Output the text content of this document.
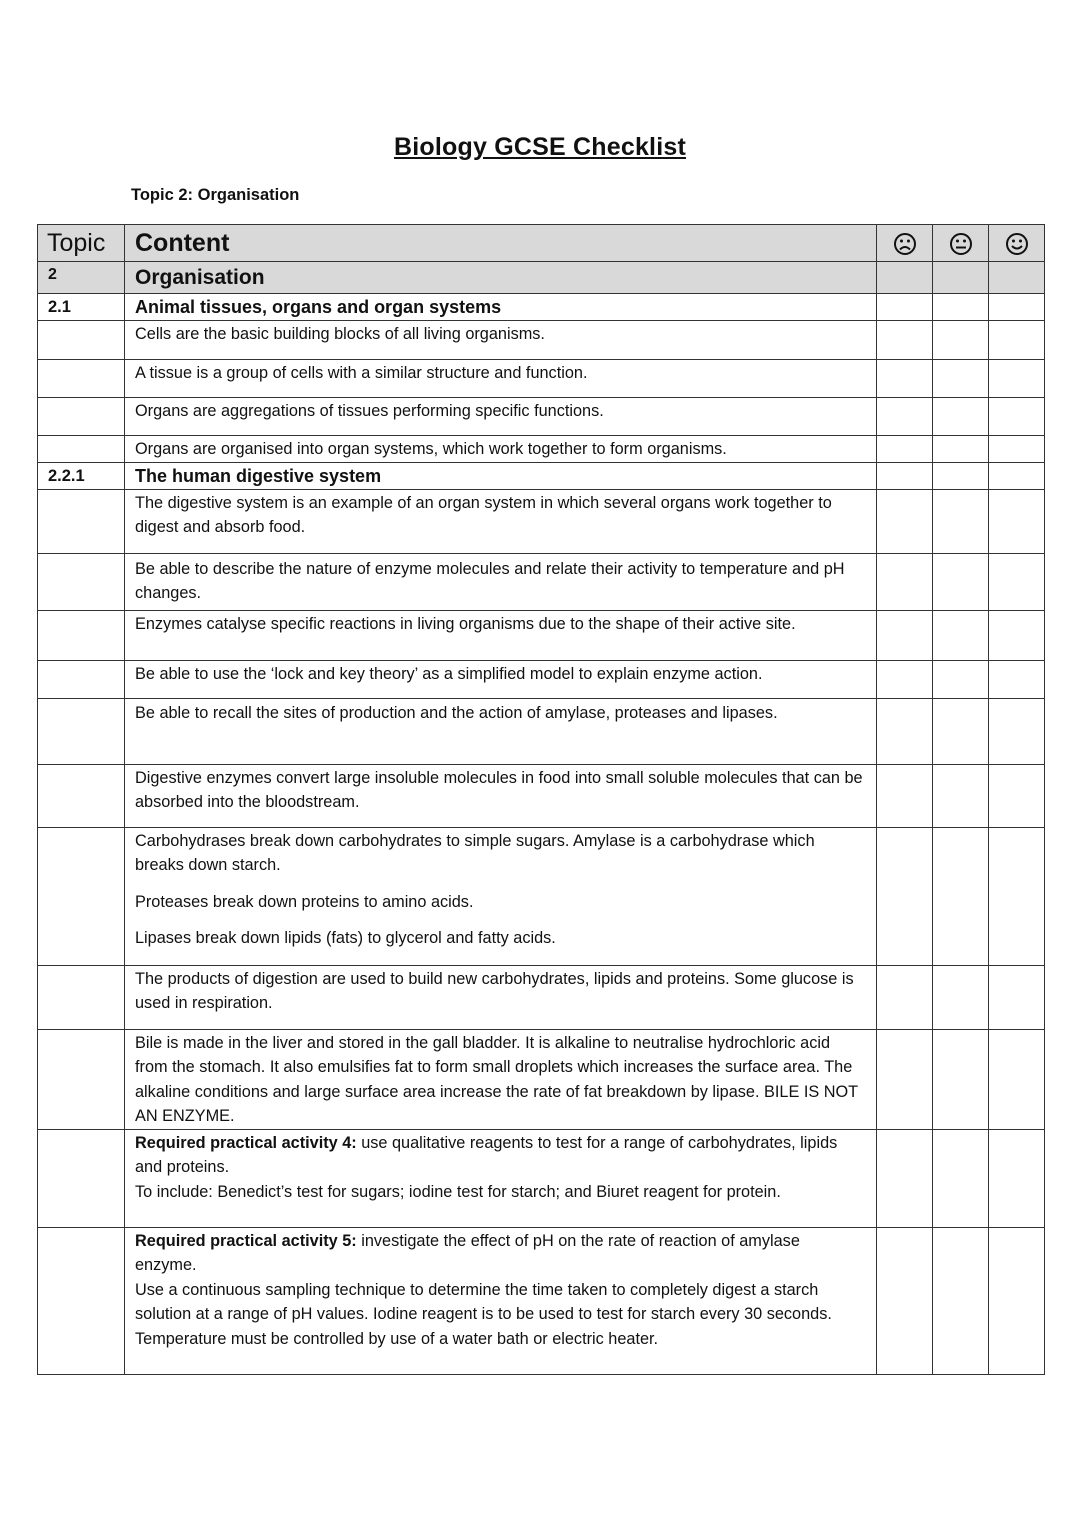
Biology GCSE Checklist
Topic 2: Organisation
Topic	Content			
2	Organisation			
2.1	Animal tissues, organs and organ systems			
	Cells are the basic building blocks of all living organisms.			
	A tissue is a group of cells with a similar structure and function.			
	Organs are aggregations of tissues performing specific functions.			
	Organs are organised into organ systems, which work together to form organisms.			
2.2.1	The human digestive system			
	The digestive system is an example of an organ system in which several organs work together to digest and absorb food.			
	Be able to describe the nature of enzyme molecules and relate their activity to temperature and pH changes.			
	Enzymes catalyse specific reactions in living organisms due to the shape of their active site.			
	Be able to use the ‘lock and key theory’ as a simplified model to explain enzyme action.			
	Be able to recall the sites of production and the action of amylase, proteases and lipases.			
	Digestive enzymes convert large insoluble molecules in food into small soluble molecules that can be absorbed into the bloodstream.			

	Carbohydrases break down carbohydrates to simple sugars. Amylase is a carbohydrase which breaks down starch.
Proteases break down proteins to amino acids.
Lipases break down lipids (fats) to glycerol and fatty acids.			

	The products of digestion are used to build new carbohydrates, lipids and proteins. Some glucose is used in respiration.			
	Bile is made in the liver and stored in the gall bladder. It is alkaline to neutralise hydrochloric acid from the stomach. It also emulsifies fat to form small droplets which increases the surface area. The alkaline conditions and large surface area increase the rate of fat breakdown by lipase. BILE IS NOT AN ENZYME.			
	Required practical activity 4: use qualitative reagents to test for a range of carbohydrates, lipids and proteins.
To include: Benedict’s test for sugars; iodine test for starch; and Biuret reagent for protein.			
	Required practical activity 5: investigate the effect of pH on the rate of reaction of amylase enzyme.
Use a continuous sampling technique to determine the time taken to completely digest a starch solution at a range of pH values. Iodine reagent is to be used to test for starch every 30 seconds. Temperature must be controlled by use of a water bath or electric heater.			
